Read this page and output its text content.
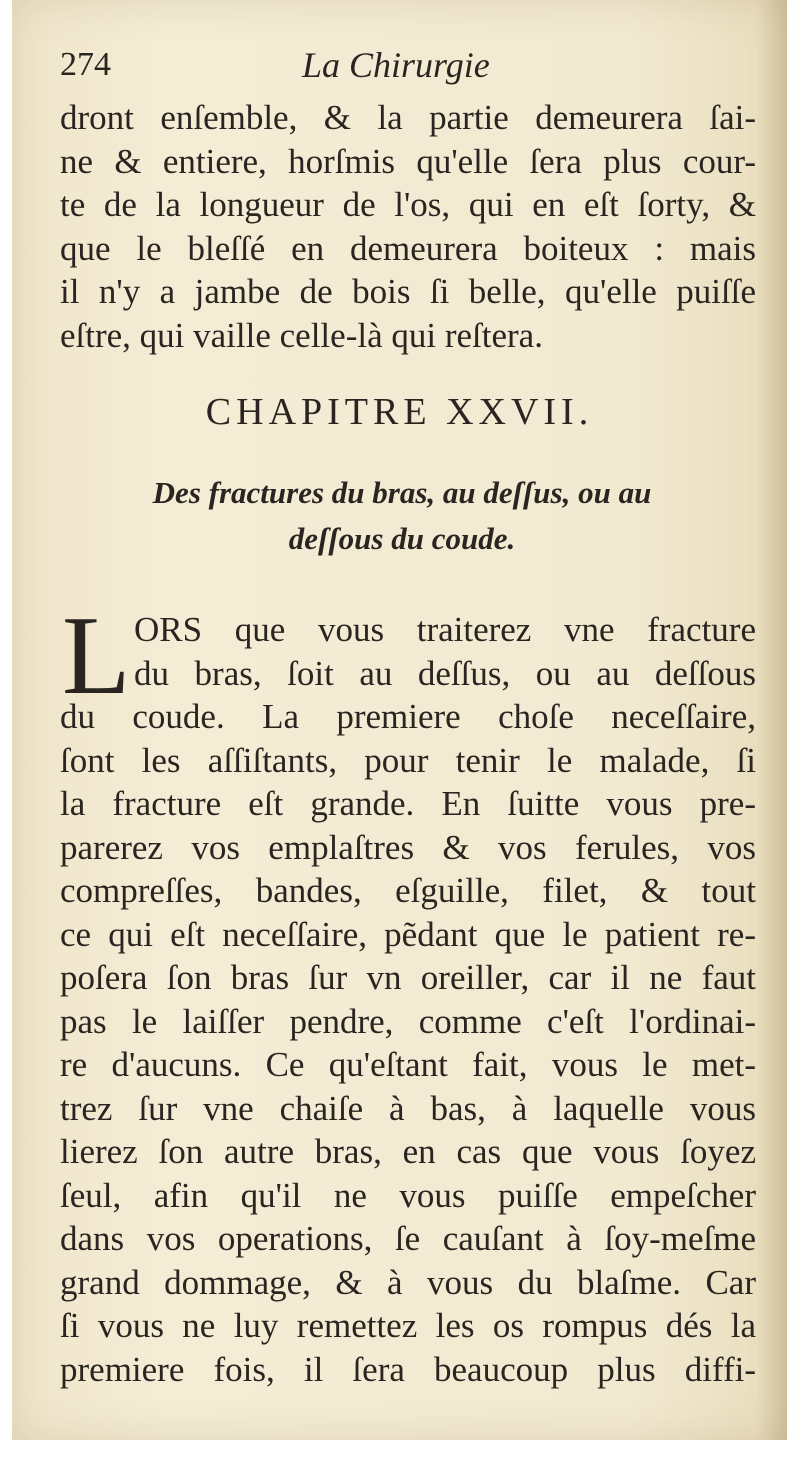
274	La Chirurgie
dront enſemble, & la partie demeurera ſai-
ne & entiere, horſmis qu'elle ſera plus cour-
te de la longueur de l'os, qui en eſt ſorty, &
que le bleſſé en demeurera boiteux : mais
il n'y a jambe de bois ſi belle, qu'elle puiſſe
eſtre, qui vaille celle-là qui reſtera.
CHAPITRE XXVII.
Des fractures du bras, au deſſus, ou au
deſſous du coude.
L ORS que vous traiterez vne fracture
du bras, ſoit au deſſus, ou au deſſous
du coude. La premiere choſe neceſſaire,
ſont les aſſiſtants, pour tenir le malade, ſi
la fracture eſt grande. En ſuitte vous pre-
parerez vos emplaſtres & vos ferules, vos
compreſſes, bandes, eſguille, filet, & tout
ce qui eſt neceſſaire, pẽdant que le patient re-
poſera ſon bras ſur vn oreiller, car il ne faut
pas le laiſſer pendre, comme c'eſt l'ordinai-
re d'aucuns. Ce qu'eſtant fait, vous le met-
trez ſur vne chaiſe à bas, à laquelle vous
lierez ſon autre bras, en cas que vous ſoyez
ſeul, afin qu'il ne vous puiſſe empeſcher
dans vos operations, ſe cauſant à ſoy-meſme
grand dommage, & à vous du blaſme. Car
ſi vous ne luy remettez les os rompus dés la
premiere fois, il ſera beaucoup plus diffi-
